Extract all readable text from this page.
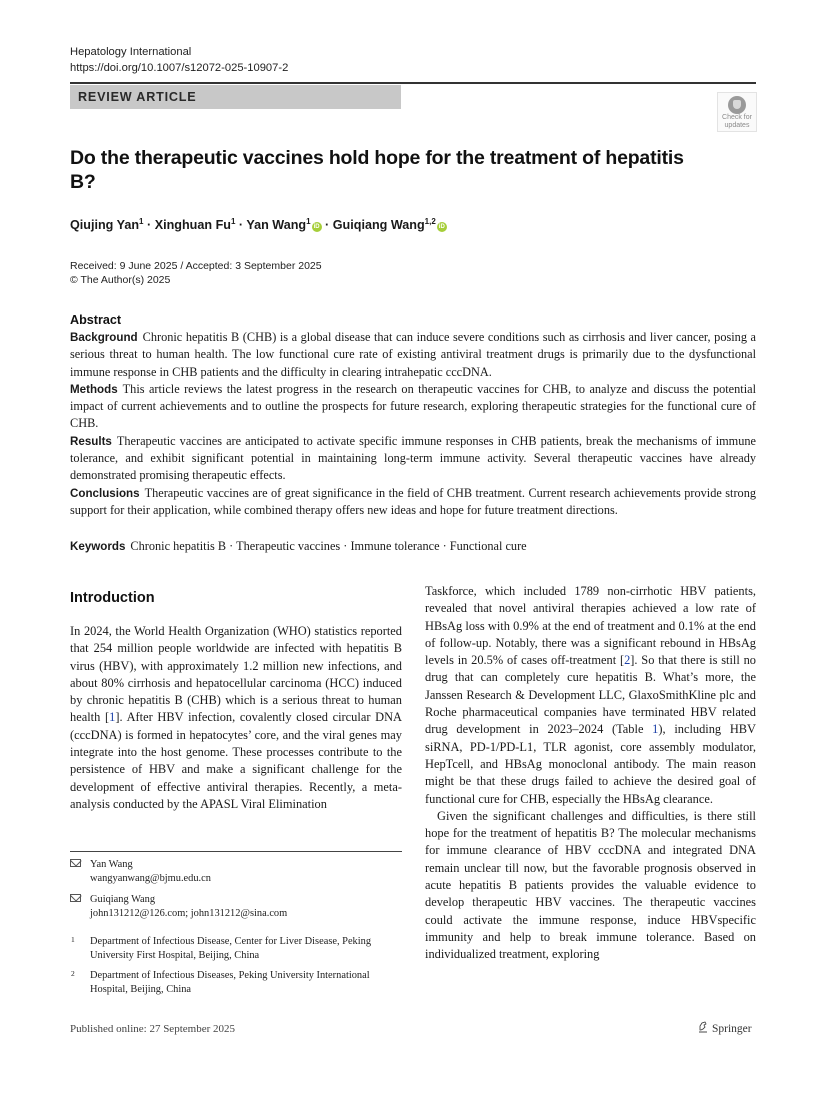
Hepatology International
https://doi.org/10.1007/s12072-025-10907-2
REVIEW ARTICLE
Check for
updates
Do the therapeutic vaccines hold hope for the treatment of hepatitis B?
Qiujing Yan$^1$ · Xinghuan $Fu^1$ · Yan Wang$^1$iD · Guiqiang Wang$^{1,2}$iD
Received: 9 June 2025 / Accepted: 3 September 2025
© The Author(s) 2025
Abstract

Background Chronic hepatitis B (CHB) is a global disease that can induce severe conditions such as cirrhosis and liver cancer, posing a serious threat to human health. The low functional cure rate of existing antiviral treatment drugs is primarily due to the dysfunctional immune response in CHB patients and the difficulty in clearing intrahepatic cccDNA.

Methods This article reviews the latest progress in the research on therapeutic vaccines for CHB, to analyze and discuss the potential impact of current achievements and to outline the prospects for future research, exploring therapeutic strategies for the functional cure of CHB.

Results Therapeutic vaccines are anticipated to activate specific immune responses in CHB patients, break the mechanisms of immune tolerance, and exhibit significant potential in maintaining long-term immune activity. Several therapeutic vaccines have already demonstrated promising therapeutic effects.

Conclusions Therapeutic vaccines are of great significance in the field of CHB treatment. Current research achievements provide strong support for their application, while combined therapy offers new ideas and hope for future treatment directions.

Keywords Chronic hepatitis B · Therapeutic vaccines · Immune tolerance · Functional cure
Introduction

In 2024, the World Health Organization (WHO) statistics reported that 254 million people worldwide are infected with hepatitis B virus (HBV), with approximately 1.2 million new infections, and about 80% cirrhosis and hepatocellular carcinoma (HCC) induced by chronic hepatitis B (CHB) which is a serious threat to human health [1]. After HBV infection, covalently closed circular DNA (cccDNA) is formed in hepatocytes’ core, and the viral genes may integrate into the host genome. These processes contribute to the persistence of HBV and make a significant challenge for the development of effective antiviral therapies. Recently, a meta-analysis conducted by the APASL Viral Elimination

Yan Wang
wangyanwang@bjmu.edu.cn
Guiqiang Wang
john131212@126.com; john131212@sina.com
1 Department of Infectious Disease, Center for Liver Disease, Peking University First Hospital, Beijing, China
2 Department of Infectious Diseases, Peking University International Hospital, Beijing, China

Taskforce, which included 1789 non-cirrhotic HBV patients, revealed that novel antiviral therapies achieved a low rate of HBsAg loss with 0.9% at the end of treatment and 0.1% at the end of follow-up. Notably, there was a significant rebound in HBsAg levels in 20.5% of cases off-treatment [2]. So that there is still no drug that can completely cure hepatitis B. What’s more, the Janssen Research & Development LLC, GlaxoSmithKline plc and Roche pharmaceutical companies have terminated HBV related drug development in 2023–2024 (Table 1), including HBV siRNA, PD-1/PD-L1, TLR agonist, core assembly modulator, HepTcell, and HBsAg monoclonal antibody. The main reason might be that these drugs failed to achieve the desired goal of functional cure for CHB, especially the HBsAg clearance.

Given the significant challenges and difficulties, is there still hope for the treatment of hepatitis B? The molecular mechanisms for immune clearance of HBV cccDNA and integrated DNA remain unclear till now, but the favorable prognosis observed in acute hepatitis B patients provides the valuable evidence to develop therapeutic HBV vaccines. The therapeutic vaccines could activate the immune response, induce HBVspecific immunity and help to break immune tolerance. Based on individualized treatment, exploring

Published online: 27 September 2025	Springer
